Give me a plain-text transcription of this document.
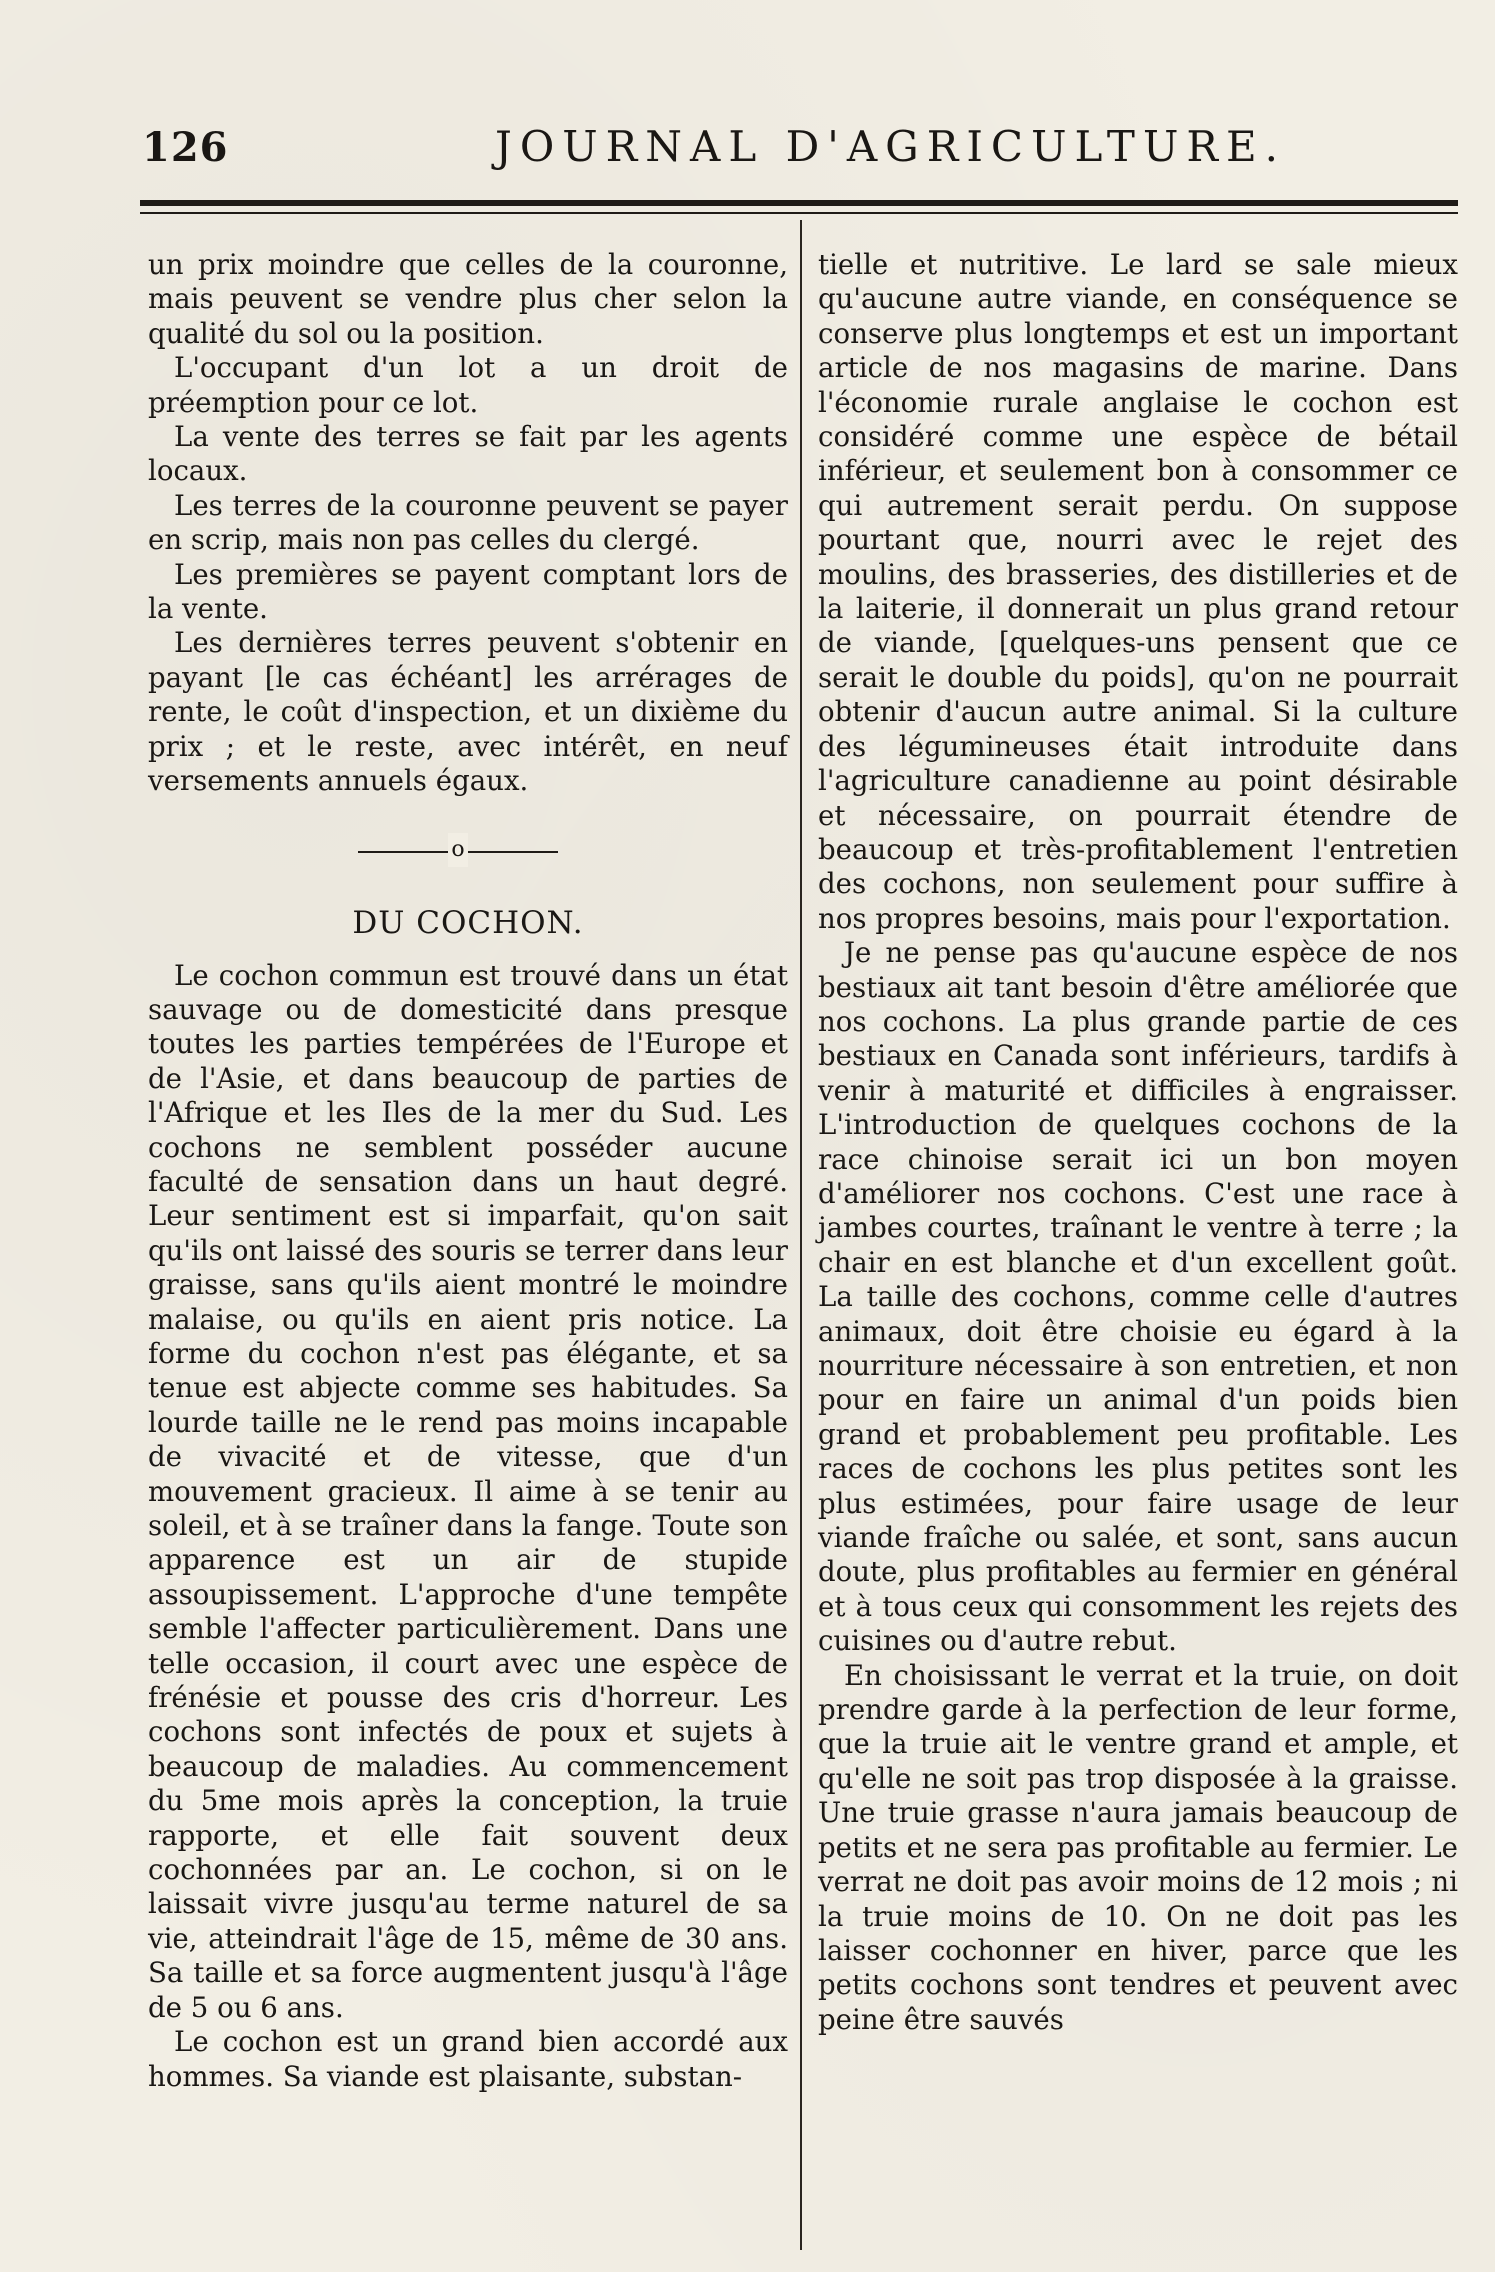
126	JOURNAL D'AGRICULTURE.

un prix moindre que celles de la couronne, mais peuvent se vendre plus cher selon la qualité du sol ou la position.

L'occupant d'un lot a un droit de préemption pour ce lot.

La vente des terres se fait par les agents locaux.

Les terres de la couronne peuvent se payer en scrip, mais non pas celles du clergé.

Les premières se payent comptant lors de la vente.

Les dernières terres peuvent s'obtenir en payant [le cas échéant] les arrérages de rente, le coût d'inspection, et un dixième du prix ; et le reste, avec intérêt, en neuf versements annuels égaux.

o
DU COCHON.

Le cochon commun est trouvé dans un état sauvage ou de domesticité dans presque toutes les parties tempérées de l'Europe et de l'Asie, et dans beaucoup de parties de l'Afrique et les Iles de la mer du Sud. Les cochons ne semblent posséder aucune faculté de sensation dans un haut degré. Leur sentiment est si imparfait, qu'on sait qu'ils ont laissé des souris se terrer dans leur graisse, sans qu'ils aient montré le moindre malaise, ou qu'ils en aient pris notice. La forme du cochon n'est pas élégante, et sa tenue est abjecte comme ses habitudes. Sa lourde taille ne le rend pas moins incapable de vivacité et de vitesse, que d'un mouvement gracieux. Il aime à se tenir au soleil, et à se traîner dans la fange. Toute son apparence est un air de stupide assoupissement. L'approche d'une tempête semble l'affecter particulièrement. Dans une telle occasion, il court avec une espèce de frénésie et pousse des cris d'horreur. Les cochons sont infectés de poux et sujets à beaucoup de maladies. Au commencement du 5me mois après la conception, la truie rapporte, et elle fait souvent deux cochonnées par an. Le cochon, si on le laissait vivre jusqu'au terme naturel de sa vie, atteindrait l'âge de 15, même de 30 ans. Sa taille et sa force augmentent jusqu'à l'âge de 5 ou 6 ans.

Le cochon est un grand bien accordé aux hommes. Sa viande est plaisante, substan-

tielle et nutritive. Le lard se sale mieux qu'aucune autre viande, en conséquence se conserve plus longtemps et est un important article de nos magasins de marine. Dans l'économie rurale anglaise le cochon est considéré comme une espèce de bétail inférieur, et seulement bon à consommer ce qui autrement serait perdu. On suppose pourtant que, nourri avec le rejet des moulins, des brasseries, des distilleries et de la laiterie, il donnerait un plus grand retour de viande, [quelques-uns pensent que ce serait le double du poids], qu'on ne pourrait obtenir d'aucun autre animal. Si la culture des légumineuses était introduite dans l'agriculture canadienne au point désirable et nécessaire, on pourrait étendre de beaucoup et très-profitablement l'entretien des cochons, non seulement pour suffire à nos propres besoins, mais pour l'exportation.

Je ne pense pas qu'aucune espèce de nos bestiaux ait tant besoin d'être améliorée que nos cochons. La plus grande partie de ces bestiaux en Canada sont inférieurs, tardifs à venir à maturité et difficiles à engraisser. L'introduction de quelques cochons de la race chinoise serait ici un bon moyen d'améliorer nos cochons. C'est une race à jambes courtes, traînant le ventre à terre ; la chair en est blanche et d'un excellent goût. La taille des cochons, comme celle d'autres animaux, doit être choisie eu égard à la nourriture nécessaire à son entretien, et non pour en faire un animal d'un poids bien grand et probablement peu profitable. Les races de cochons les plus petites sont les plus estimées, pour faire usage de leur viande fraîche ou salée, et sont, sans aucun doute, plus profitables au fermier en général et à tous ceux qui consomment les rejets des cuisines ou d'autre rebut.

En choisissant le verrat et la truie, on doit prendre garde à la perfection de leur forme, que la truie ait le ventre grand et ample, et qu'elle ne soit pas trop disposée à la graisse. Une truie grasse n'aura jamais beaucoup de petits et ne sera pas profitable au fermier. Le verrat ne doit pas avoir moins de 12 mois ; ni la truie moins de 10. On ne doit pas les laisser cochonner en hiver, parce que les petits cochons sont tendres et peuvent avec peine être sauvés
